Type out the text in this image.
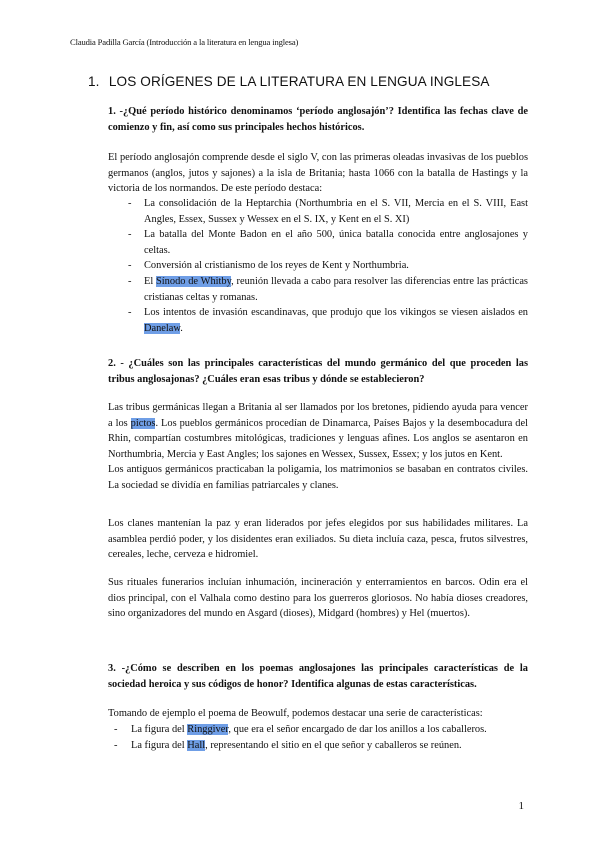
Claudia Padilla García (Introducción a la literatura en lengua inglesa)
1. LOS ORÍGENES DE LA LITERATURA EN LENGUA INGLESA
1. -¿Qué período histórico denominamos ‘período anglosajón’? Identifica las fechas clave de comienzo y fin, así como sus principales hechos históricos.
El período anglosajón comprende desde el siglo V, con las primeras oleadas invasivas de los pueblos germanos (anglos, jutos y sajones) a la isla de Britania; hasta 1066 con la batalla de Hastings y la victoria de los normandos. De este período destaca:
- La consolidación de la Heptarchia (Northumbria en el S. VII, Mercia en el S. VIII, East Angles, Essex, Sussex y Wessex en el S. IX, y Kent en el S. XI)
- La batalla del Monte Badon en el año 500, única batalla conocida entre anglosajones y celtas.
- Conversión al cristianismo de los reyes de Kent y Northumbria.
- El Sínodo de Whitby, reunión llevada a cabo para resolver las diferencias entre las prácticas cristianas celtas y romanas.
- Los intentos de invasión escandinavas, que produjo que los vikingos se viesen aislados en Danelaw.
2. - ¿Cuáles son las principales características del mundo germánico del que proceden las tribus anglosajonas? ¿Cuáles eran esas tribus y dónde se establecieron?
Las tribus germánicas llegan a Britania al ser llamados por los bretones, pidiendo ayuda para vencer a los pictos. Los pueblos germánicos procedían de Dinamarca, Países Bajos y la desembocadura del Rhin, compartían costumbres mitológicas, tradiciones y lenguas afines. Los anglos se asentaron en Northumbria, Mercia y East Angles; los sajones en Wessex, Sussex, Essex; y los jutos en Kent.
Los antiguos germánicos practicaban la poligamia, los matrimonios se basaban en contratos civiles. La sociedad se dividía en familias patriarcales y clanes.
Los clanes mantenían la paz y eran liderados por jefes elegidos por sus habilidades militares. La asamblea perdió poder, y los disidentes eran exiliados. Su dieta incluía caza, pesca, frutos silvestres, cereales, leche, cerveza e hidromiel.
Sus rituales funerarios incluían inhumación, incineración y enterramientos en barcos. Odin era el dios principal, con el Valhala como destino para los guerreros gloriosos. No había dioses creadores, sino organizadores del mundo en Asgard (dioses), Midgard (hombres) y Hel (muertos).
3. -¿Cómo se describen en los poemas anglosajones las principales características de la sociedad heroica y sus códigos de honor? Identifica algunas de estas características.
Tomando de ejemplo el poema de Beowulf, podemos destacar una serie de características:
- La figura del Ringgiver, que era el señor encargado de dar los anillos a los caballeros.
- La figura del Hall, representando el sitio en el que señor y caballeros se reúnen.
1
